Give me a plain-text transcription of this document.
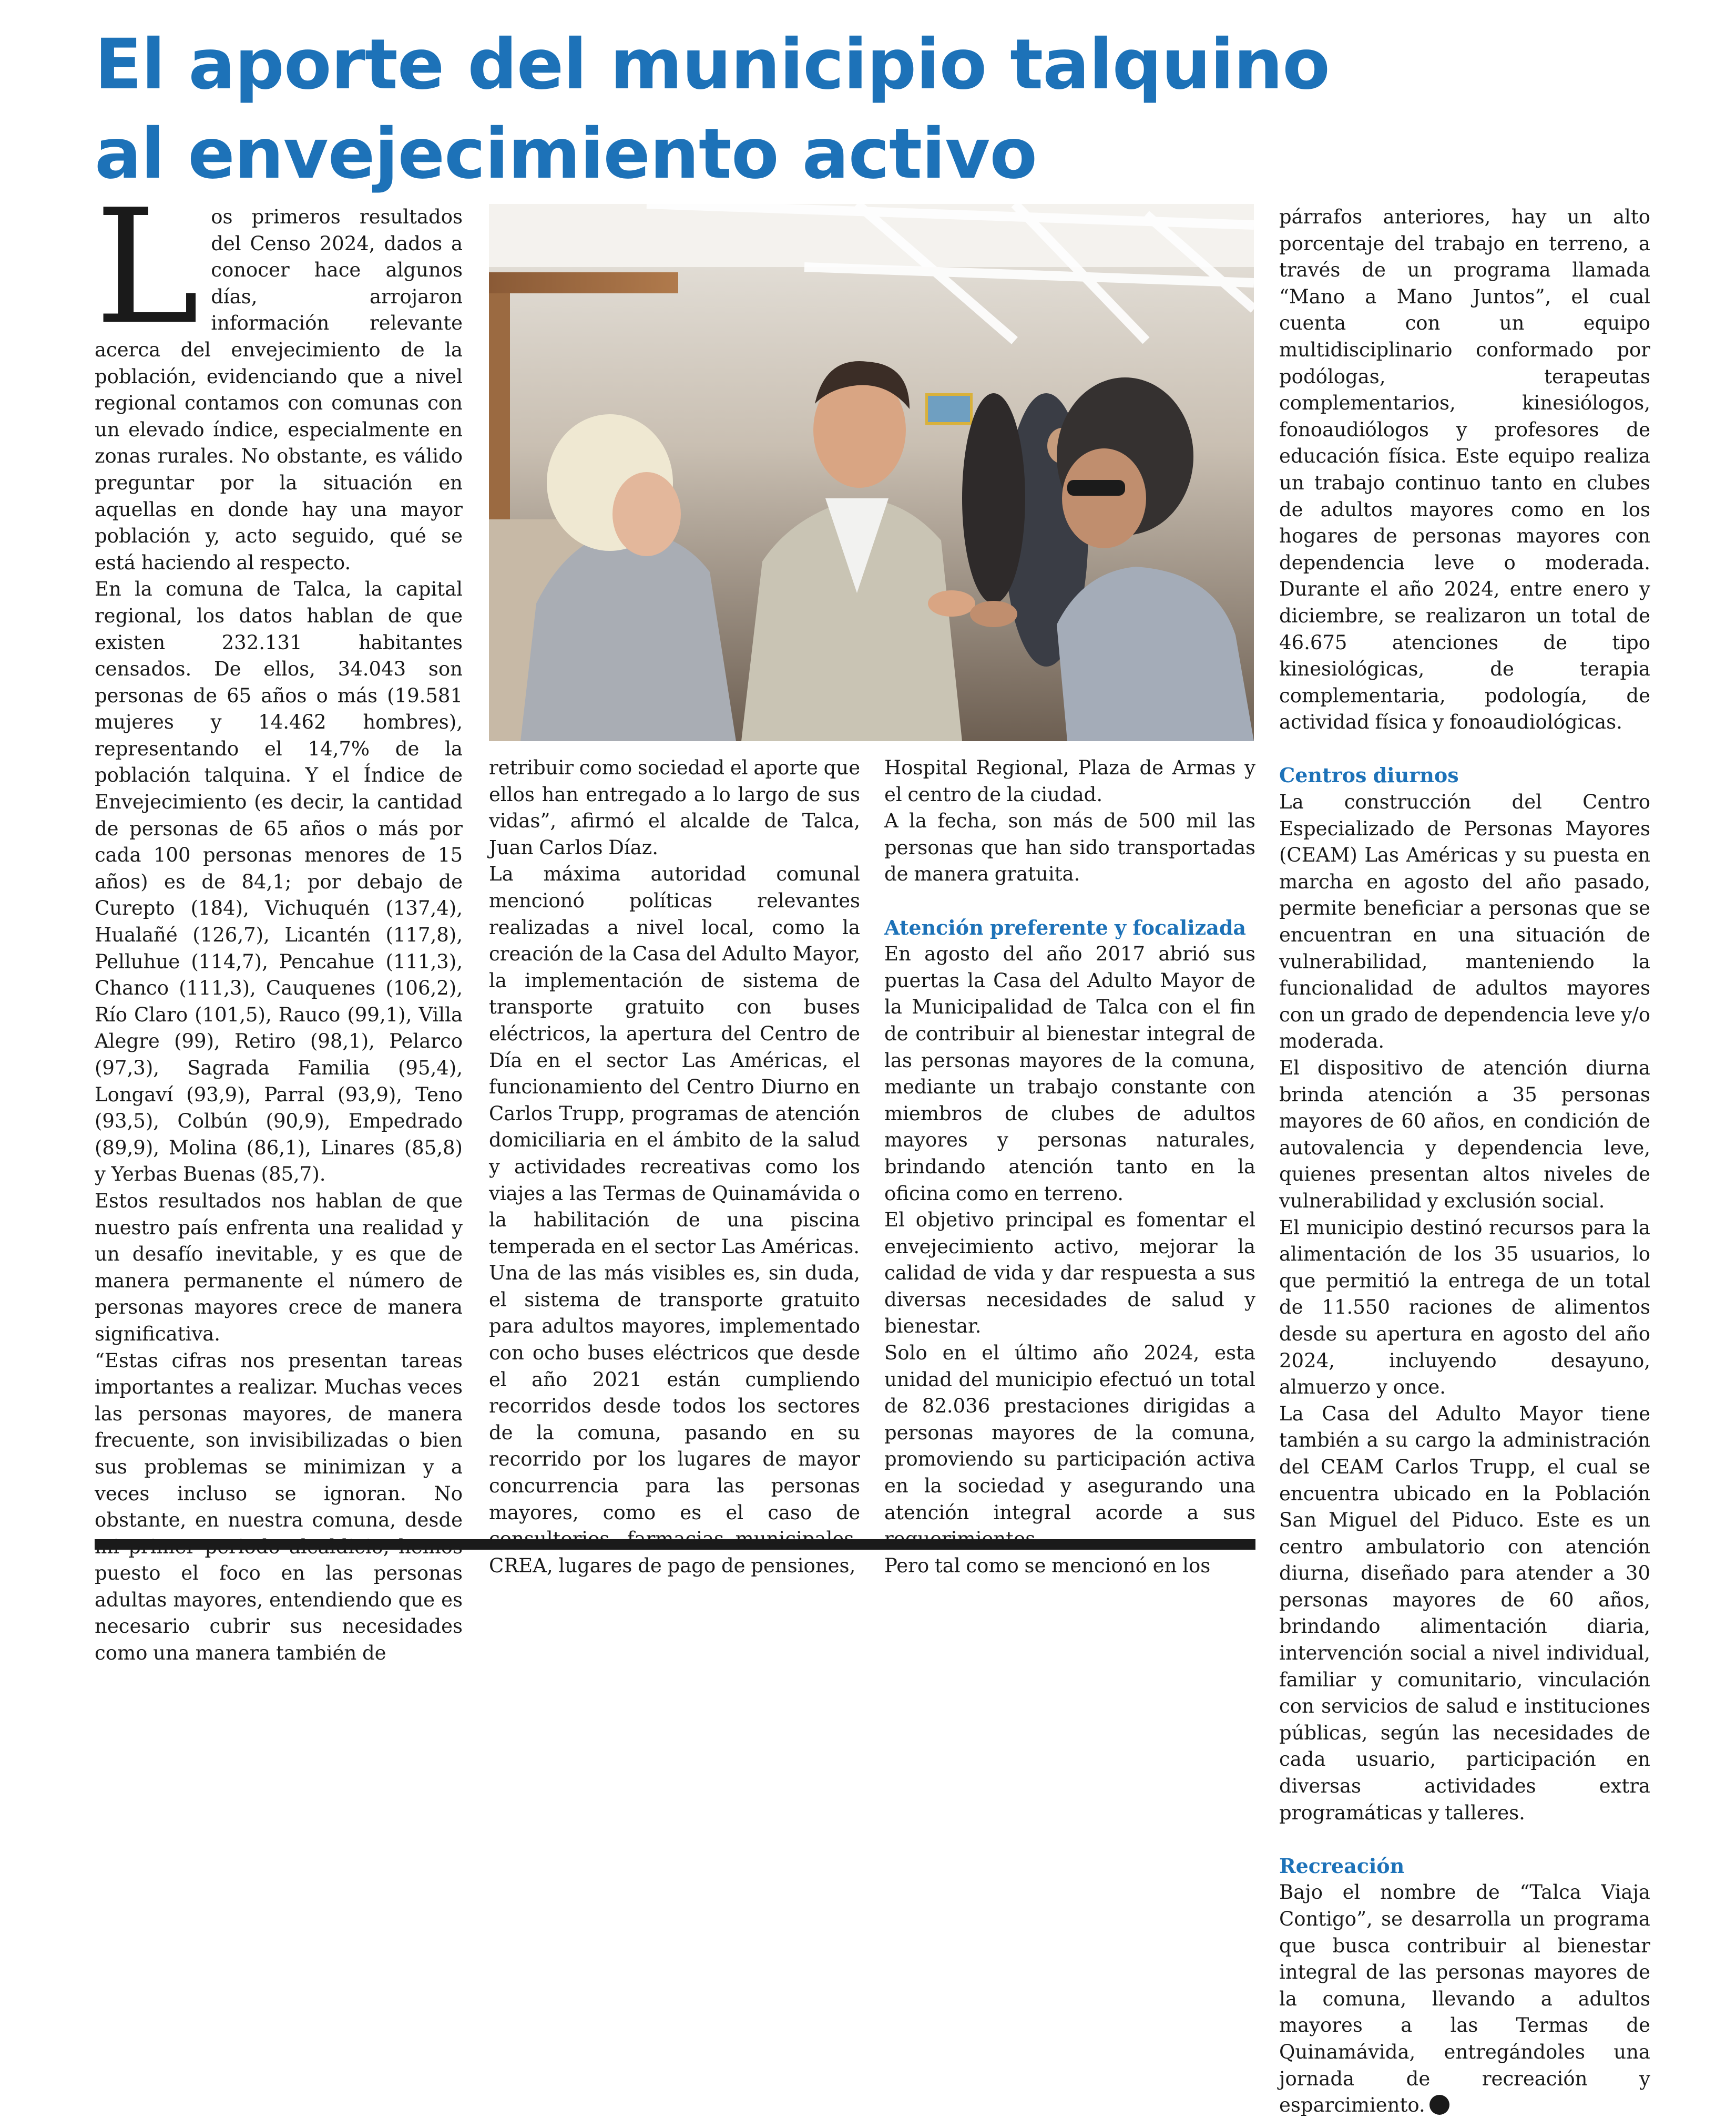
El aporte del municipio talquino
al envejecimiento activo

Los primeros resultados del Censo 2024, dados a conocer hace algunos días, arrojaron información relevante acerca del envejecimiento de la población, evidenciando que a nivel regional contamos con comunas con un elevado índice, especialmente en zonas rurales. No obstante, es válido preguntar por la situación en aquellas en donde hay una mayor población y, acto seguido, qué se está haciendo al respecto.

En la comuna de Talca, la capital regional, los datos hablan de que existen 232.131 habitantes censados. De ellos, 34.043 son personas de 65 años o más (19.581 mujeres y 14.462 hombres), representando el 14,7% de la población talquina. Y el Índice de Envejecimiento (es decir, la cantidad de personas de 65 años o más por cada 100 personas menores de 15 años) es de 84,1; por debajo de Curepto (184), Vichuquén (137,4), Hualañé (126,7), Licantén (117,8), Pelluhue (114,7), Pencahue (111,3), Chanco (111,3), Cauquenes (106,2), Río Claro (101,5), Rauco (99,1), Villa Alegre (99), Retiro (98,1), Pelarco (97,3), Sagrada Familia (95,4), Longaví (93,9), Parral (93,9), Teno (93,5), Colbún (90,9), Empedrado (89,9), Molina (86,1), Linares (85,8) y Yerbas Buenas (85,7).

Estos resultados nos hablan de que nuestro país enfrenta una realidad y un desafío inevitable, y es que de manera permanente el número de personas mayores crece de manera significativa.

“Estas cifras nos presentan tareas importantes a realizar. Muchas veces las personas mayores, de manera frecuente, son invisibilizadas o bien sus problemas se minimizan y a veces incluso se ignoran. No obstante, en nuestra comuna, desde puesto el foco en las personas adultas mayores, entendiendo que es necesario cubrir sus necesidades como una manera también de

retribuir como sociedad el aporte que ellos han entregado a lo largo de sus vidas”, afirmó el alcalde de Talca, Juan Carlos Díaz.

La máxima autoridad comunal mencionó políticas relevantes realizadas a nivel local, como la creación de la Casa del Adulto Mayor, la implementación de sistema de transporte gratuito con buses eléctricos, la apertura del Centro de Día en el sector Las Américas, el funcionamiento del Centro Diurno en Carlos Trupp, programas de atención domiciliaria en el ámbito de la salud y actividades recreativas como los viajes a las Termas de Quinamávida o la habilitación de una piscina temperada en el sector Las Américas.

Una de las más visibles es, sin duda, el sistema de transporte gratuito para adultos mayores, implementado con ocho buses eléctricos que desde el año 2021 están cumpliendo recorridos desde todos los sectores de la comuna, pasando en su recorrido por los lugares de mayor concurrencia para las personas mayores, como es el caso de CREA, lugares de pago de pensiones,

Hospital Regional, Plaza de Armas y el centro de la ciudad.

A la fecha, son más de 500 mil las personas que han sido transportadas de manera gratuita.

Atención preferente y focalizada

En agosto del año 2017 abrió sus puertas la Casa del Adulto Mayor de la Municipalidad de Talca con el fin de contribuir al bienestar integral de las personas mayores de la comuna, mediante un trabajo constante con miembros de clubes de adultos mayores y personas naturales, brindando atención tanto en la oficina como en terreno.

El objetivo principal es fomentar el envejecimiento activo, mejorar la calidad de vida y dar respuesta a sus diversas necesidades de salud y bienestar.

Solo en el último año 2024, esta unidad del municipio efectuó un total de 82.036 prestaciones dirigidas a personas mayores de la comuna, promoviendo su participación activa en la sociedad y asegurando una atención integral acorde a sus

Pero tal como se mencionó en los

párrafos anteriores, hay un alto porcentaje del trabajo en terreno, a través de un programa llamada “Mano a Mano Juntos”, el cual cuenta con un equipo multidisciplinario conformado por podólogas, terapeutas complementarios, kinesiólogos, fonoaudiólogos y profesores de educación física. Este equipo realiza un trabajo continuo tanto en clubes de adultos mayores como en los hogares de personas mayores con dependencia leve o moderada. Durante el año 2024, entre enero y diciembre, se realizaron un total de 46.675 atenciones de tipo kinesiológicas, de terapia complementaria, podología, de actividad física y fonoaudiológicas.

Centros diurnos

La construcción del Centro Especializado de Personas Mayores (CEAM) Las Américas y su puesta en marcha en agosto del año pasado, permite beneficiar a personas que se encuentran en una situación de vulnerabilidad, manteniendo la funcionalidad de adultos mayores con un grado de dependencia leve y/o moderada.

El dispositivo de atención diurna brinda atención a 35 personas mayores de 60 años, en condición de autovalencia y dependencia leve, quienes presentan altos niveles de vulnerabilidad y exclusión social.

El municipio destinó recursos para la alimentación de los 35 usuarios, lo que permitió la entrega de un total de 11.550 raciones de alimentos desde su apertura en agosto del año 2024, incluyendo desayuno, almuerzo y once.

La Casa del Adulto Mayor tiene también a su cargo la administración del CEAM Carlos Trupp, el cual se encuentra ubicado en la Población San Miguel del Piduco. Este es un centro ambulatorio con atención diurna, diseñado para atender a 30 personas mayores de 60 años, brindando alimentación diaria, intervención social a nivel individual, familiar y comunitario, vinculación con servicios de salud e instituciones públicas, según las necesidades de cada usuario, participación en diversas actividades extra programáticas y talleres.

Recreación

Bajo el nombre de “Talca Viaja Contigo”, se desarrolla un programa que busca contribuir al bienestar integral de las personas mayores de la comuna, llevando a adultos mayores a las Termas de Quinamávida, entregándoles una jornada de recreación y esparcimiento.
